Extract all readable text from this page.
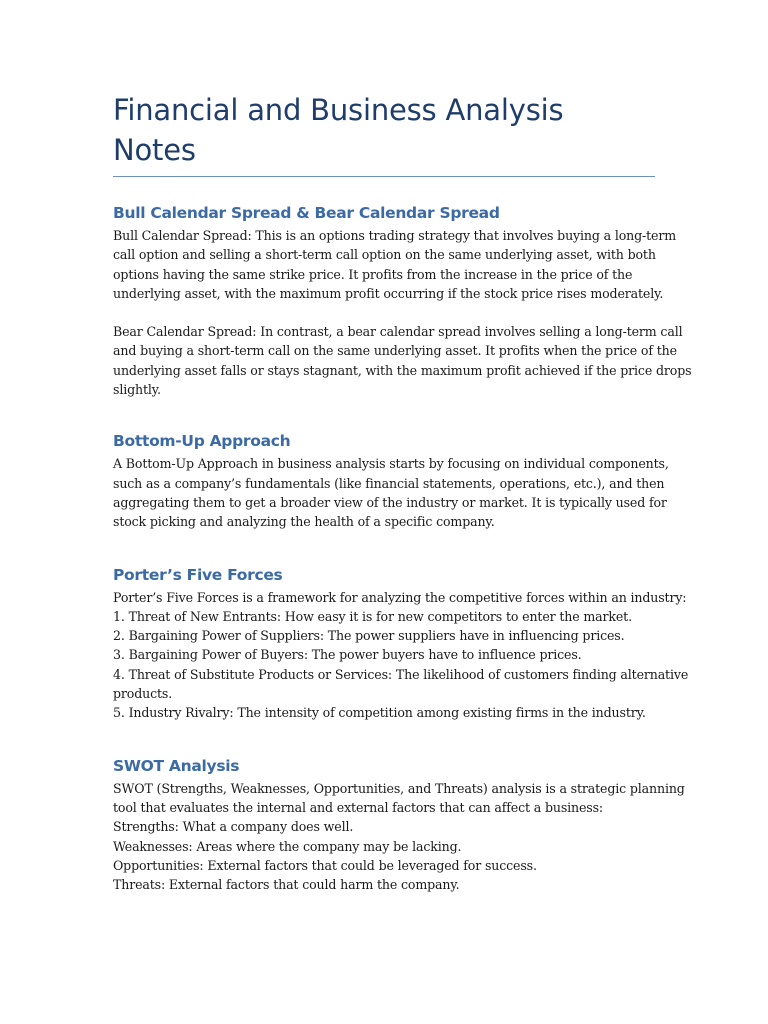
Financial and Business Analysis Notes
Bull Calendar Spread & Bear Calendar Spread

Bull Calendar Spread: This is an options trading strategy that involves buying a long-term
call option and selling a short-term call option on the same underlying asset, with both
options having the same strike price. It profits from the increase in the price of the
underlying asset, with the maximum profit occurring if the stock price rises moderately.

Bear Calendar Spread: In contrast, a bear calendar spread involves selling a long-term call
and buying a short-term call on the same underlying asset. It profits when the price of the
underlying asset falls or stays stagnant, with the maximum profit achieved if the price drops
slightly.

Bottom-Up Approach

A Bottom-Up Approach in business analysis starts by focusing on individual components,
such as a company’s fundamentals (like financial statements, operations, etc.), and then
aggregating them to get a broader view of the industry or market. It is typically used for
stock picking and analyzing the health of a specific company.

Porter’s Five Forces

Porter’s Five Forces is a framework for analyzing the competitive forces within an industry:
1. Threat of New Entrants: How easy it is for new competitors to enter the market.
2. Bargaining Power of Suppliers: The power suppliers have in influencing prices.
3. Bargaining Power of Buyers: The power buyers have to influence prices.
4. Threat of Substitute Products or Services: The likelihood of customers finding alternative
products.
5. Industry Rivalry: The intensity of competition among existing firms in the industry.

SWOT Analysis

SWOT (Strengths, Weaknesses, Opportunities, and Threats) analysis is a strategic planning
tool that evaluates the internal and external factors that can affect a business:
Strengths: What a company does well.
Weaknesses: Areas where the company may be lacking.
Opportunities: External factors that could be leveraged for success.
Threats: External factors that could harm the company.
